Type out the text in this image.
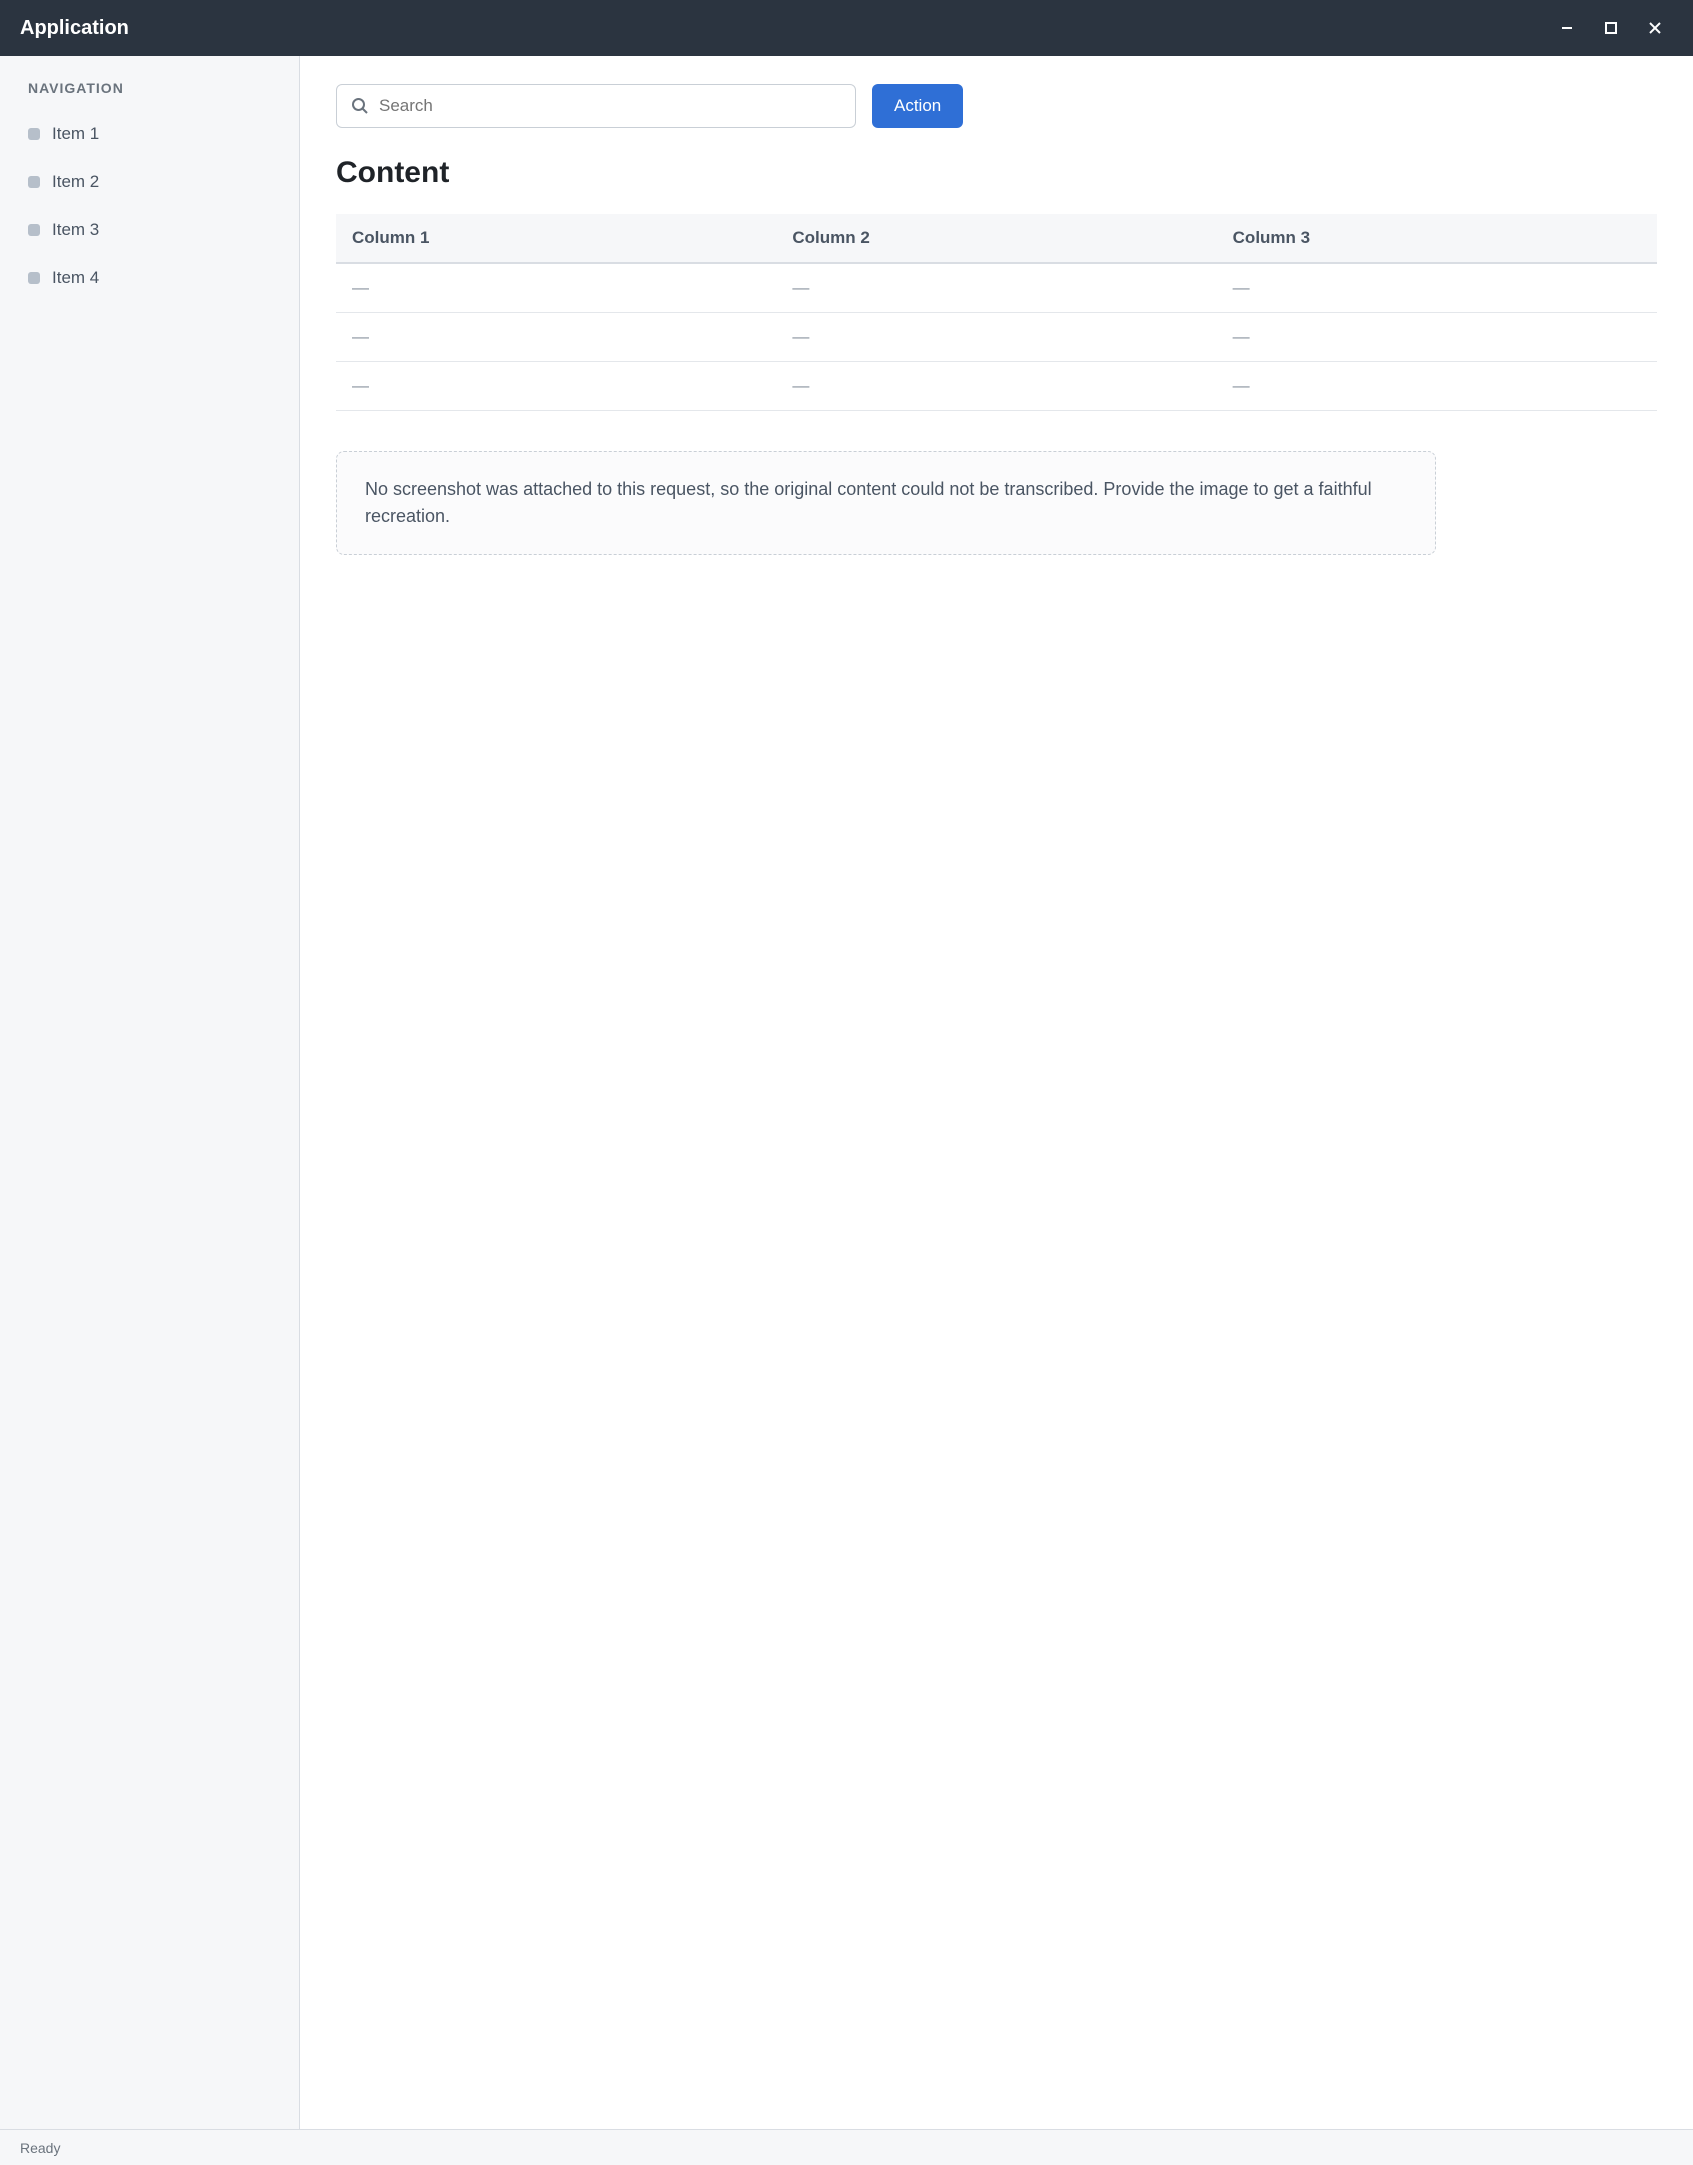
Application
NAVIGATION
Item 1
Item 2
Item 3
Item 4
Search
Action
Content
Column 1	Column 2	Column 3
—	—	—
—	—	—
—	—	—

No screenshot was attached to this request, so the original content could not be transcribed. Provide the image to get a faithful recreation.

Ready
